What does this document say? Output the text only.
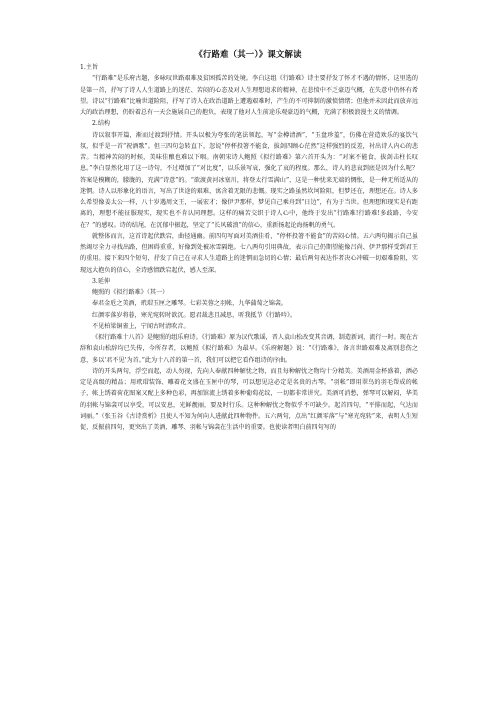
《行路难（其一）》课文解读

1.主旨

“行路难”是乐府古题，多咏叹世路艰难及贫困孤苦的处境。李白这组《行路难》诗主要抒发了怀才不遇的情怀，这里选的是第一首，抒写了诗人人生道路上的迷茫、苦闷的心态及对人生理想追求的精神，在悲愤中不乏豪迈气概，在失意中仍怀有希望。诗以“行路难”比喻世道险阻，抒写了诗人在政治道路上遭遇艰难时，产生的不可抑制的激愤情绪；但他并未因此而放弃远大的政治理想，仍盼着总有一天会施展自己的抱负，表现了他对人生前途乐观豪迈的气概，充满了积极浪漫主义的情调。

2.结构

诗以叙事开篇，渐而过渡到抒情。开头以极为夸张的笔法领起，写“金樽清酒”，“玉盘珍羞”，仿佛在营造欢乐的宴饮气氛，似乎是一首“祝酒歌”。但三四句急转直下，忽说“停杯投箸不能食，拔剑四顾心茫然”这样强烈的反差，衬出诗人内心的悲苦。当精神苦闷的时候，美味佳酿也难以下咽。南朝宋诗人鲍照《拟行路难》第六首开头为：“对案不能食，拔剑击柱长叹息。”李白显然化用了这一诗句，不过增加了“对比度”，以乐景写哀，强化了哀的程度。那么，诗人的悲哀到底是因为什么呢？答案是模糊的，朦胧的，充满“诗意”的。“欲渡黄河冰塞川，将登太行雪满山”，这是一种忧来无端的惆怅，是一种无所适从的迷惘。诗人以形象化的语言，写出了世途的艰难，寓含着无限的悲慨。现实之路虽然坎坷险阻，但梦还在，理想还在。诗人多么希望像姜太公一样，八十岁遇周文王，一展宏才；像伊尹那样，梦见自己乘舟到“日边”，有为于当世。但理想和现实是有距离的，理想不能征服现实，现实也不肯认同理想。这样的痛苦交织于诗人心中，他终于发出“行路难!行路难!多歧路，今安在？”的感叹。诗的结尾，在沉郁中振起，坚定了“长风破浪”的信心，重新扬起论海扬帆的勇气。

就整体而言，这首诗起伏跌宕，曲径通幽。前四句写面对美酒佳肴，“停杯投箸不能食”的苦闷心情。五六两句揭示自己虽然竭尽全力寻找出路，但困碍重重，好像到处被冰雪隔绝。七八两句引用典故，表示自己仍期望能像吕尚、伊尹那样受到君王的重用。接下来四个短句，抒发了自己在寻求人生道路上的迷惘而急切的心情；最后两句表达作者决心冲破一切艰难险阻，实现远大抱负的信心，全诗感情跌宕起伏，感人至深。

3.延伸

鲍照的《拟行路难》（其一）

奉君金卮之美酒，玳瑁玉匣之雕琴。七彩芙蓉之羽帐，九华蒲萄之锦衾。

红颜零落岁将暮，寒光宛转时欲沉。愿君裁悲且减思，听我抵节《行路吟》。

不见柏梁铜雀上，宁闻古时清吹音。

《拟行路难十八首》是鲍照的组乐府诗。《行路难》原为汉代歌谣，晋人袁山松改变其音调，制造新词，流行一时。现在古辞和袁山松辞均已失传，今所存者，以鲍照《拟行路难》为最早。《乐府解题》说：“《行路难》，备言世路艰难及离别悲伤之意，多以‘君不见’为首。”此为十八首的第一首，我们可以把它看作组诗的序曲。

诗的开头两句，浮空而起，动人勿视，先向人奉献四种解忧之物，而且每种解忧之物均十分精美。美酒用金杯盛着，洒必定是高级的精品；用玳瑁装饰、雕着花文盛在玉匣中的琴，可以想见这必定是名贵的古琴。“羽帐”即用翠鸟的羽毛帮成的帐子，帐上绣着荷花图案又配上多种色彩，再加馆流上绣着多种葡萄花纹，一切都非常讲究。美酒可消愁，弹琴可以解闷，华美的羽帐与锦衾可以享受，可以安息，光鲜靓丽，要及时行乐。这种种解忧之物似乎不可缺少。起首四句，“平排而起，气达而词丽。”（张玉谷《古诗赏析》且使人不知为何向人进献此四种物件。五六两句，点出“红颜零落”与“寒光宛转”来，表明人生短促，反振前四句，更突出了美酒、雕琴、羽帐与锦衾在生活中的重要。也使读者明白前四句写的
